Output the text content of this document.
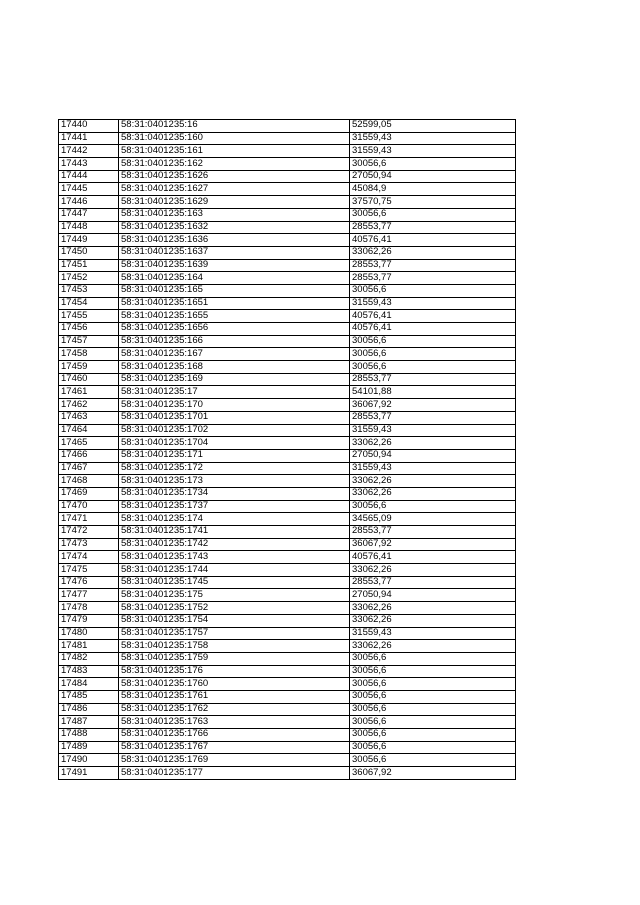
17440	58:31:0401235:16	52599,05
17441	58:31:0401235:160	31559,43
17442	58:31:0401235:161	31559,43
17443	58:31:0401235:162	30056,6
17444	58:31:0401235:1626	27050,94
17445	58:31:0401235:1627	45084,9
17446	58:31:0401235:1629	37570,75
17447	58:31:0401235:163	30056,6
17448	58:31:0401235:1632	28553,77
17449	58:31:0401235:1636	40576,41
17450	58:31:0401235:1637	33062,26
17451	58:31:0401235:1639	28553,77
17452	58:31:0401235:164	28553,77
17453	58:31:0401235:165	30056,6
17454	58:31:0401235:1651	31559,43
17455	58:31:0401235:1655	40576,41
17456	58:31:0401235:1656	40576,41
17457	58:31:0401235:166	30056,6
17458	58:31:0401235:167	30056,6
17459	58:31:0401235:168	30056,6
17460	58:31:0401235:169	28553,77
17461	58:31:0401235:17	54101,88
17462	58:31:0401235:170	36067,92
17463	58:31:0401235:1701	28553,77
17464	58:31:0401235:1702	31559,43
17465	58:31:0401235:1704	33062,26
17466	58:31:0401235:171	27050,94
17467	58:31:0401235:172	31559,43
17468	58:31:0401235:173	33062,26
17469	58:31:0401235:1734	33062,26
17470	58:31:0401235:1737	30056,6
17471	58:31:0401235:174	34565,09
17472	58:31:0401235:1741	28553,77
17473	58:31:0401235:1742	36067,92
17474	58:31:0401235:1743	40576,41
17475	58:31:0401235:1744	33062,26
17476	58:31:0401235:1745	28553,77
17477	58:31:0401235:175	27050,94
17478	58:31:0401235:1752	33062,26
17479	58:31:0401235:1754	33062,26
17480	58:31:0401235:1757	31559,43
17481	58:31:0401235:1758	33062,26
17482	58:31:0401235:1759	30056,6
17483	58:31:0401235:176	30056,6
17484	58:31:0401235:1760	30056,6
17485	58:31:0401235:1761	30056,6
17486	58:31:0401235:1762	30056,6
17487	58:31:0401235:1763	30056,6
17488	58:31:0401235:1766	30056,6
17489	58:31:0401235:1767	30056,6
17490	58:31:0401235:1769	30056,6
17491	58:31:0401235:177	36067,92
